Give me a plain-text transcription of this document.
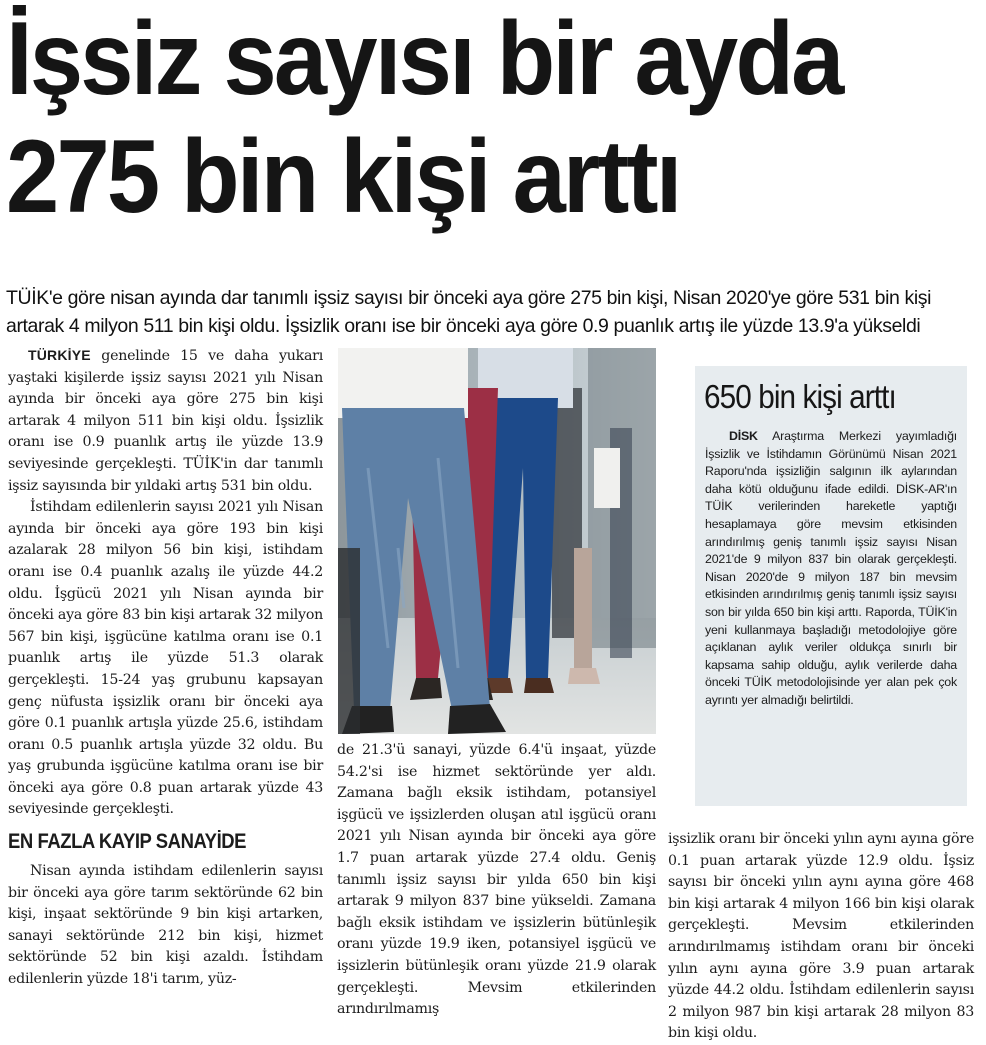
İşsiz sayısı bir ayda
275 bin kişi arttı

TÜİK'e göre nisan ayında dar tanımlı işsiz sayısı bir önceki aya göre 275 bin kişi, Nisan 2020'ye göre 531 bin kişi artarak 4 milyon 511 bin kişi oldu. İşsizlik oranı ise bir önceki aya göre 0.9 puanlık artış ile yüzde 13.9'a yükseldi

TÜRKİYE genelinde 15 ve daha yukarı yaştaki kişilerde işsiz sayısı 2021 yılı Nisan ayında bir önceki aya göre 275 bin kişi artarak 4 milyon 511 bin kişi oldu. İşsizlik oranı ise 0.9 puanlık artış ile yüzde 13.9 seviyesinde gerçekleşti. TÜİK'in dar tanımlı işsiz sayısında bir yıldaki artış 531 bin oldu.

İstihdam edilenlerin sayısı 2021 yılı Nisan ayında bir önceki aya göre 193 bin kişi azalarak 28 milyon 56 bin kişi, istihdam oranı ise 0.4 puanlık azalış ile yüzde 44.2 oldu. İşgücü 2021 yılı Nisan ayında bir önceki aya göre 83 bin kişi artarak 32 milyon 567 bin kişi, işgücüne katılma oranı ise 0.1 puanlık artış ile yüzde 51.3 olarak gerçekleşti. 15-24 yaş grubunu kapsayan genç nüfusta işsizlik oranı bir önceki aya göre 0.1 puanlık artışla yüzde 25.6, istihdam oranı 0.5 puanlık artışla yüzde 32 oldu. Bu yaş grubunda işgücüne katılma oranı ise bir önceki aya göre 0.8 puan artarak yüzde 43 seviyesinde gerçekleşti.

EN FAZLA KAYIP SANAYİDE

Nisan ayında istihdam edilenlerin sayısı bir önceki aya göre tarım sektöründe 62 bin kişi, inşaat sektöründe 9 bin kişi artarken, sanayi sektöründe 212 bin kişi, hizmet sektöründe 52 bin kişi azaldı. İstihdam edilenlerin yüzde 18'i tarım, yüz-

de 21.3'ü sanayi, yüzde 6.4'ü inşaat, yüzde 54.2'si ise hizmet sektöründe yer aldı. Zamana bağlı eksik istihdam, potansiyel işgücü ve işsizlerden oluşan atıl işgücü oranı 2021 yılı Nisan ayında bir önceki aya göre 1.7 puan artarak yüzde 27.4 oldu. Geniş tanımlı işsiz sayısı bir yılda 650 bin kişi artarak 9 milyon 837 bine yükseldi. Zamana bağlı eksik istihdam ve işsizlerin bütünleşik oranı yüzde 19.9 iken, potansiyel işgücü ve işsizlerin bütünleşik oranı yüzde 21.9 olarak gerçekleşti. Mevsim etkilerinden arındırılmamış

650 bin kişi arttı

DİSK Araştırma Merkezi yayımladığı İşsizlik ve İstihdamın Görünümü Nisan 2021 Raporu'nda işsizliğin salgının ilk aylarından daha kötü olduğunu ifade edildi. DİSK-AR'ın TÜİK verilerinden hareketle yaptığı hesaplamaya göre mevsim etkisinden arındırılmış geniş tanımlı işsiz sayısı Nisan 2021'de 9 milyon 837 bin olarak gerçekleşti. Nisan 2020'de 9 milyon 187 bin mevsim etkisinden arındırılmış geniş tanımlı işsiz sayısı son bir yılda 650 bin kişi arttı. Raporda, TÜİK'in yeni kullanmaya başladığı metodolojiye göre açıklanan aylık veriler oldukça sınırlı bir kapsama sahip olduğu, aylık verilerde daha önceki TÜİK metodolojisinde yer alan pek çok ayrıntı yer almadığı belirtildi.

işsizlik oranı bir önceki yılın aynı ayına göre 0.1 puan artarak yüzde 12.9 oldu. İşsiz sayısı bir önceki yılın aynı ayına göre 468 bin kişi artarak 4 milyon 166 bin kişi olarak gerçekleşti. Mevsim etkilerinden arındırılmamış istihdam oranı bir önceki yılın aynı ayına göre 3.9 puan artarak yüzde 44.2 oldu. İstihdam edilenlerin sayısı 2 milyon 987 bin kişi artarak 28 milyon 83 bin kişi oldu.
